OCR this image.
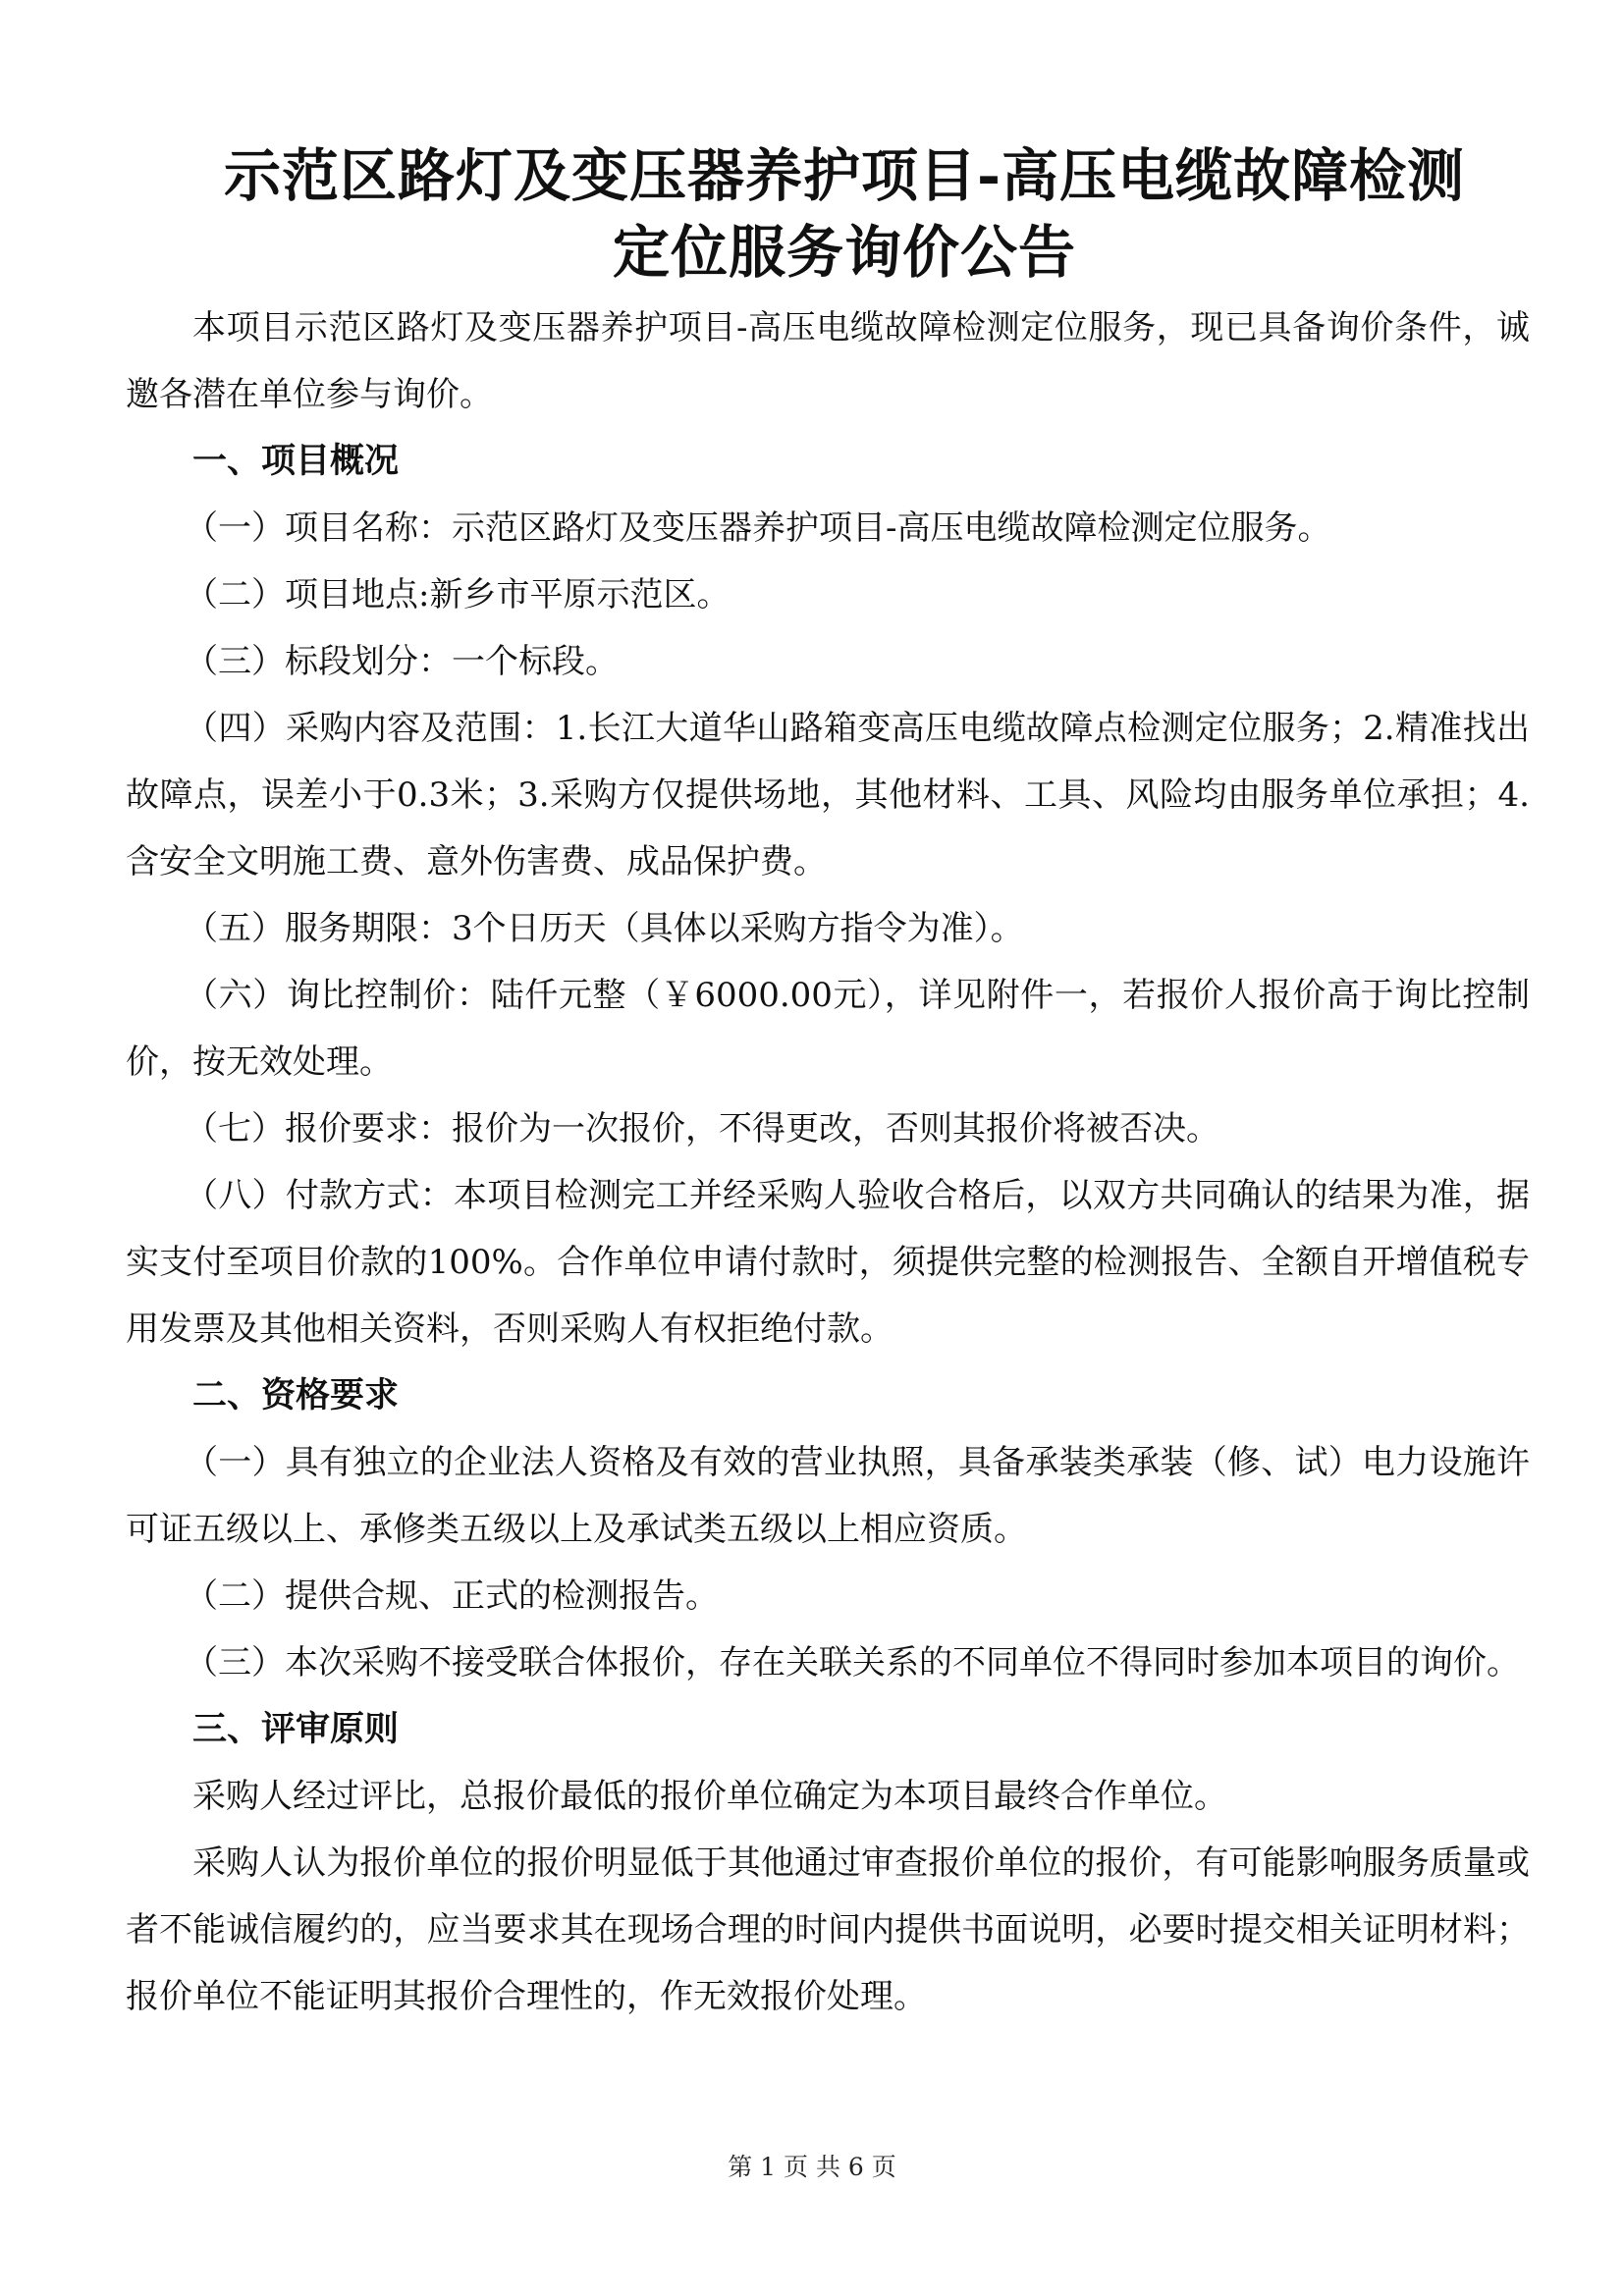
示范区路灯及变压器养护项目-高压电缆故障检测
定位服务询价公告

本项目示范区路灯及变压器养护项目-高压电缆故障检测定位服务，现已具备询价条件，诚邀各潜在单位参与询价。

一、项目概况

（一）项目名称：示范区路灯及变压器养护项目-高压电缆故障检测定位服务。

（二）项目地点:新乡市平原示范区。

（三）标段划分：一个标段。

（四）采购内容及范围：1.长江大道华山路箱变高压电缆故障点检测定位服务；2.精准找出故障点，误差小于0.3米；3.采购方仅提供场地，其他材料、工具、风险均由服务单位承担；4.含安全文明施工费、意外伤害费、成品保护费。

（五）服务期限：3个日历天（具体以采购方指令为准）。

（六）询比控制价：陆仟元整（￥6000.00元），详见附件一，若报价人报价高于询比控制价，按无效处理。

（七）报价要求：报价为一次报价，不得更改，否则其报价将被否决。

（八）付款方式：本项目检测完工并经采购人验收合格后，以双方共同确认的结果为准，据实支付至项目价款的100%。合作单位申请付款时，须提供完整的检测报告、全额自开增值税专用发票及其他相关资料，否则采购人有权拒绝付款。

二、资格要求

（一）具有独立的企业法人资格及有效的营业执照，具备承装类承装（修、试）电力设施许可证五级以上、承修类五级以上及承试类五级以上相应资质。

（二）提供合规、正式的检测报告。

（三）本次采购不接受联合体报价，存在关联关系的不同单位不得同时参加本项目的询价。

三、评审原则

采购人经过评比，总报价最低的报价单位确定为本项目最终合作单位。

采购人认为报价单位的报价明显低于其他通过审查报价单位的报价，有可能影响服务质量或者不能诚信履约的，应当要求其在现场合理的时间内提供书面说明，必要时提交相关证明材料；报价单位不能证明其报价合理性的，作无效报价处理。

第 1 页 共 6 页
